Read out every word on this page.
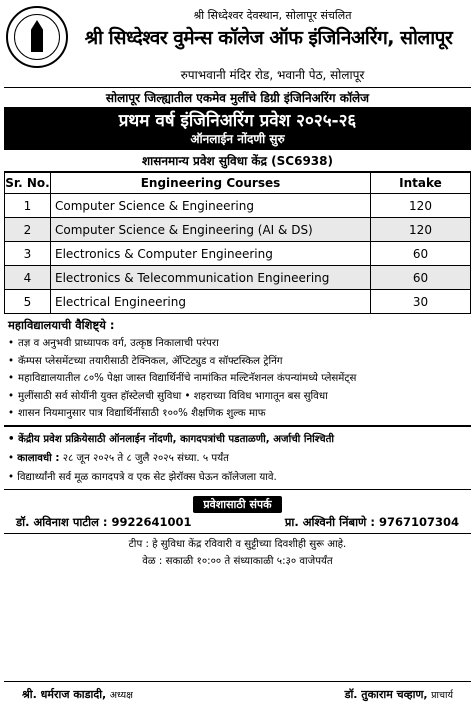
श्री सिध्देश्वर देवस्थान, सोलापूर संचलित
श्री सिध्देश्वर वुमेन्स कॉलेज ऑफ इंजिनिअरिंग, सोलापूर
रुपाभवानी मंदिर रोड, भवानी पेठ, सोलापूर
सोलापूर जिल्ह्यातील एकमेव मुलींचे डिग्री इंजिनिअरिंग कॉलेज
प्रथम वर्ष इंजिनिअरिंग प्रवेश २०२५-२६
ऑनलाईन नोंदणी सुरु
शासनमान्य प्रवेश सुविधा केंद्र (SC6938)
Sr. No.	Engineering Courses	Intake
1	Computer Science & Engineering	120
2	Computer Science & Engineering (AI & DS)	120
3	Electronics & Computer Engineering	60
4	Electronics & Telecommunication Engineering	60
5	Electrical Engineering	30
महाविद्यालयाची वैशिष्ट्ये :
• तज्ञ व अनुभवी प्राध्यापक वर्ग, उत्कृष्ठ निकालाची परंपरा
• कॅम्पस प्लेसमेंटच्या तयारीसाठी टेक्निकल, ॲप्टिट्युड व सॉफ्टस्किल ट्रेनिंग
• महाविद्यालयातील ८०% पेक्षा जास्त विद्यार्थिनींचे नामांकित मल्टिनॅशनल कंपन्यांमध्ये प्लेसमेंट्स
• मुलींसाठी सर्व सोयींनी युक्त हॉस्टेलची सुविधा • शहराच्या विविध भागातून बस सुविधा
• शासन नियमानुसार पात्र विद्यार्थिनींसाठी १००% शैक्षणिक शुल्क माफ
• केंद्रीय प्रवेश प्रक्रियेसाठी ऑनलाईन नोंदणी, कागदपत्रांची पडताळणी, अर्जाची निश्चिती
• कालावधी : २८ जून २०२५ ते ८ जुलै २०२५ संध्या. ५ पर्यंत
• विद्यार्थ्यांनी सर्व मूळ कागदपत्रे व एक सेट झेरॉक्स घेऊन कॉलेजला यावे.
प्रवेशासाठी संपर्क
डॉ. अविनाश पाटील : 9922641001	प्रा. अश्विनी निंबाणे : 9767107304
टीप : हे सुविधा केंद्र रविवारी व सुट्टीच्या दिवशीही सुरू आहे.
वेळ : सकाळी १०:०० ते संध्याकाळी ५:३० वाजेपर्यंत
श्री. धर्मराज काडादी, अध्यक्ष	डॉ. तुकाराम चव्हाण, प्राचार्य
